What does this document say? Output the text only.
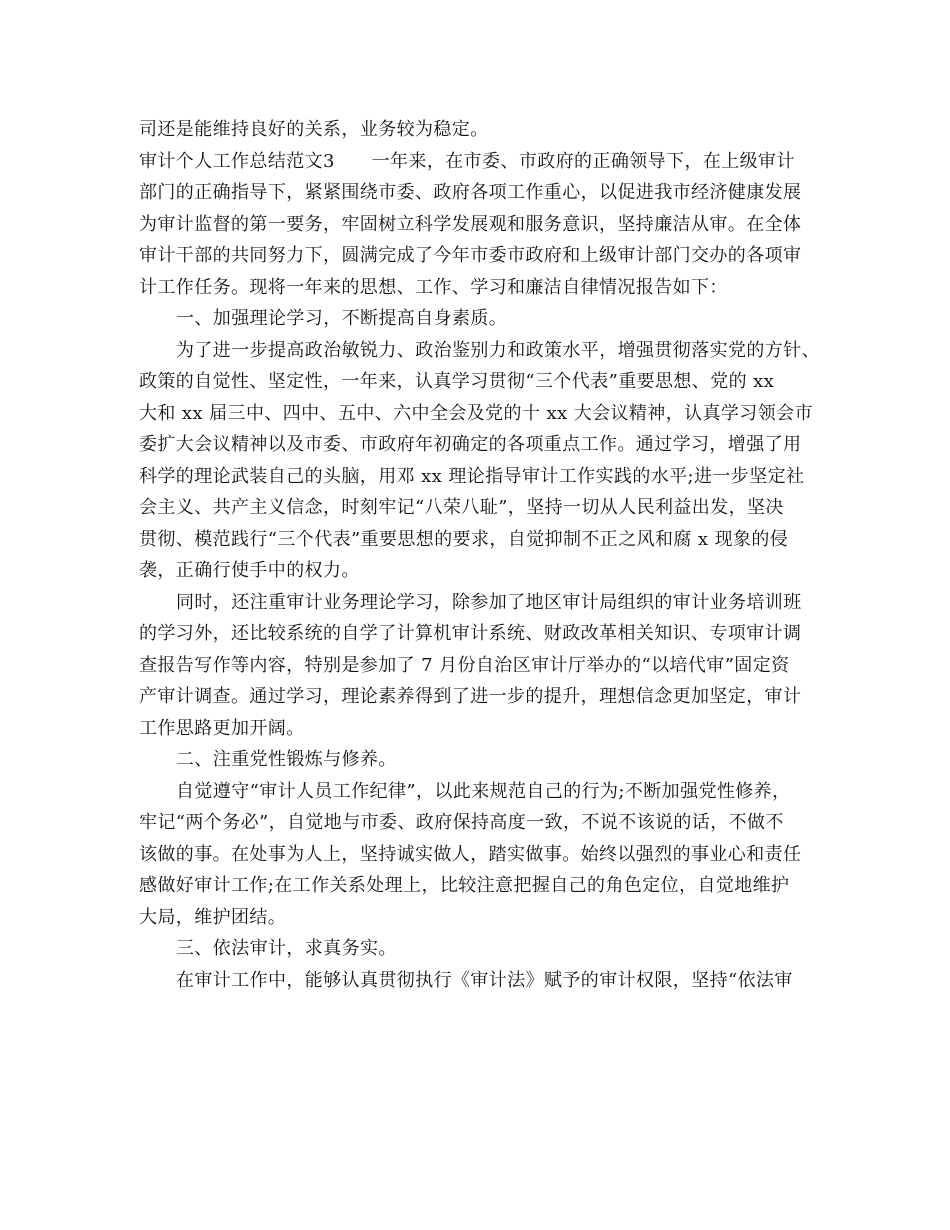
司还是能维持良好的关系，业务较为稳定。
审计个人工作总结范文3　　一年来，在市委、市政府的正确领导下，在上级审计
部门的正确指导下，紧紧围绕市委、政府各项工作重心，以促进我市经济健康发展
为审计监督的第一要务，牢固树立科学发展观和服务意识，坚持廉洁从审。在全体
审计干部的共同努力下，圆满完成了今年市委市政府和上级审计部门交办的各项审
计工作任务。现将一年来的思想、工作、学习和廉洁自律情况报告如下：
一、加强理论学习，不断提高自身素质。
为了进一步提高政治敏锐力、政治鉴别力和政策水平，增强贯彻落实党的方针、
政策的自觉性、坚定性，一年来，认真学习贯彻“三个代表”重要思想、党的 xx
大和 xx 届三中、四中、五中、六中全会及党的十 xx 大会议精神，认真学习领会市
委扩大会议精神以及市委、市政府年初确定的各项重点工作。通过学习，增强了用
科学的理论武装自己的头脑，用邓 xx 理论指导审计工作实践的水平;进一步坚定社
会主义、共产主义信念，时刻牢记“八荣八耻”，坚持一切从人民利益出发，坚决
贯彻、模范践行“三个代表”重要思想的要求，自觉抑制不正之风和腐 x 现象的侵
袭，正确行使手中的权力。
同时，还注重审计业务理论学习，除参加了地区审计局组织的审计业务培训班
的学习外，还比较系统的自学了计算机审计系统、财政改革相关知识、专项审计调
查报告写作等内容，特别是参加了 7 月份自治区审计厅举办的“以培代审”固定资
产审计调查。通过学习，理论素养得到了进一步的提升，理想信念更加坚定，审计
工作思路更加开阔。
二、注重党性锻炼与修养。
自觉遵守“审计人员工作纪律”，以此来规范自己的行为;不断加强党性修养，
牢记“两个务必”，自觉地与市委、政府保持高度一致，不说不该说的话，不做不
该做的事。在处事为人上，坚持诚实做人，踏实做事。始终以强烈的事业心和责任
感做好审计工作;在工作关系处理上，比较注意把握自己的角色定位，自觉地维护
大局，维护团结。
三、依法审计，求真务实。
在审计工作中，能够认真贯彻执行《审计法》赋予的审计权限，坚持“依法审
